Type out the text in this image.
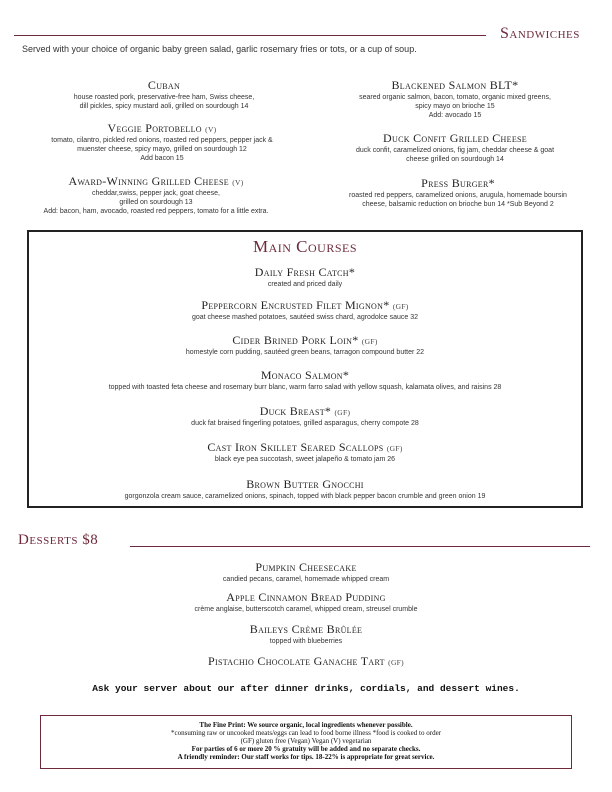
Sandwiches
Served with your choice of organic baby green salad, garlic rosemary fries or tots, or a cup of soup.
Cuban
house roasted pork, preservative-free ham, Swiss cheese,
dill pickles, spicy mustard aoli, grilled on sourdough 14
Veggie Portobello (V)
tomato, cilantro, pickled red onions, roasted red peppers, pepper jack &
muenster cheese, spicy mayo, grilled on sourdough 12
Add bacon 15
Award-Winning Grilled Cheese (V)
cheddar,swiss, pepper jack, goat cheese,
grilled on sourdough 13
Add: bacon, ham, avocado, roasted red peppers, tomato for a little extra.
Blackened Salmon BLT*
seared organic salmon, bacon, tomato, organic mixed greens,
spicy mayo on brioche 15
Add: avocado 15
Duck Confit Grilled Cheese
duck confit, caramelized onions, fig jam, cheddar cheese & goat
cheese grilled on sourdough 14
Press Burger*
roasted red peppers, caramelized onions, arugula, homemade boursin
cheese, balsamic reduction on brioche bun 14 *Sub Beyond 2
Main Courses
Daily Fresh Catch*
created and priced daily
Peppercorn Encrusted Filet Mignon* (GF)
goat cheese mashed potatoes, sautéed swiss chard, agrodolce sauce 32
Cider Brined Pork Loin* (GF)
homestyle corn pudding, sautéed green beans, tarragon compound butter 22
Monaco Salmon*
topped with toasted feta cheese and rosemary burr blanc, warm farro salad with yellow squash, kalamata olives, and raisins 28
Duck Breast* (GF)
duck fat braised fingerling potatoes, grilled asparagus, cherry compote 28
Cast Iron Skillet Seared Scallops (GF)
black eye pea succotash, sweet jalapeño & tomato jam 26
Brown Butter Gnocchi
gorgonzola cream sauce, caramelized onions, spinach, topped with black pepper bacon crumble and green onion 19
Desserts $8
Pumpkin Cheesecake
candied pecans, caramel, homemade whipped cream
Apple Cinnamon Bread Pudding
crème anglaise, butterscotch caramel, whipped cream, streusel crumble
Baileys Crème Brûlée
topped with blueberries
Pistachio Chocolate Ganache Tart (GF)
Ask your server about our after dinner drinks, cordials, and dessert wines.
The Fine Print: We source organic, local ingredients whenever possible.
*consuming raw or uncooked meats/eggs can lead to food borne illness *food is cooked to order
(GF) gluten free (Vegan) Vegan (V) vegetarian
For parties of 6 or more 20 % gratuity will be added and no separate checks.
A friendly reminder: Our staff works for tips. 18-22% is appropriate for great service.
